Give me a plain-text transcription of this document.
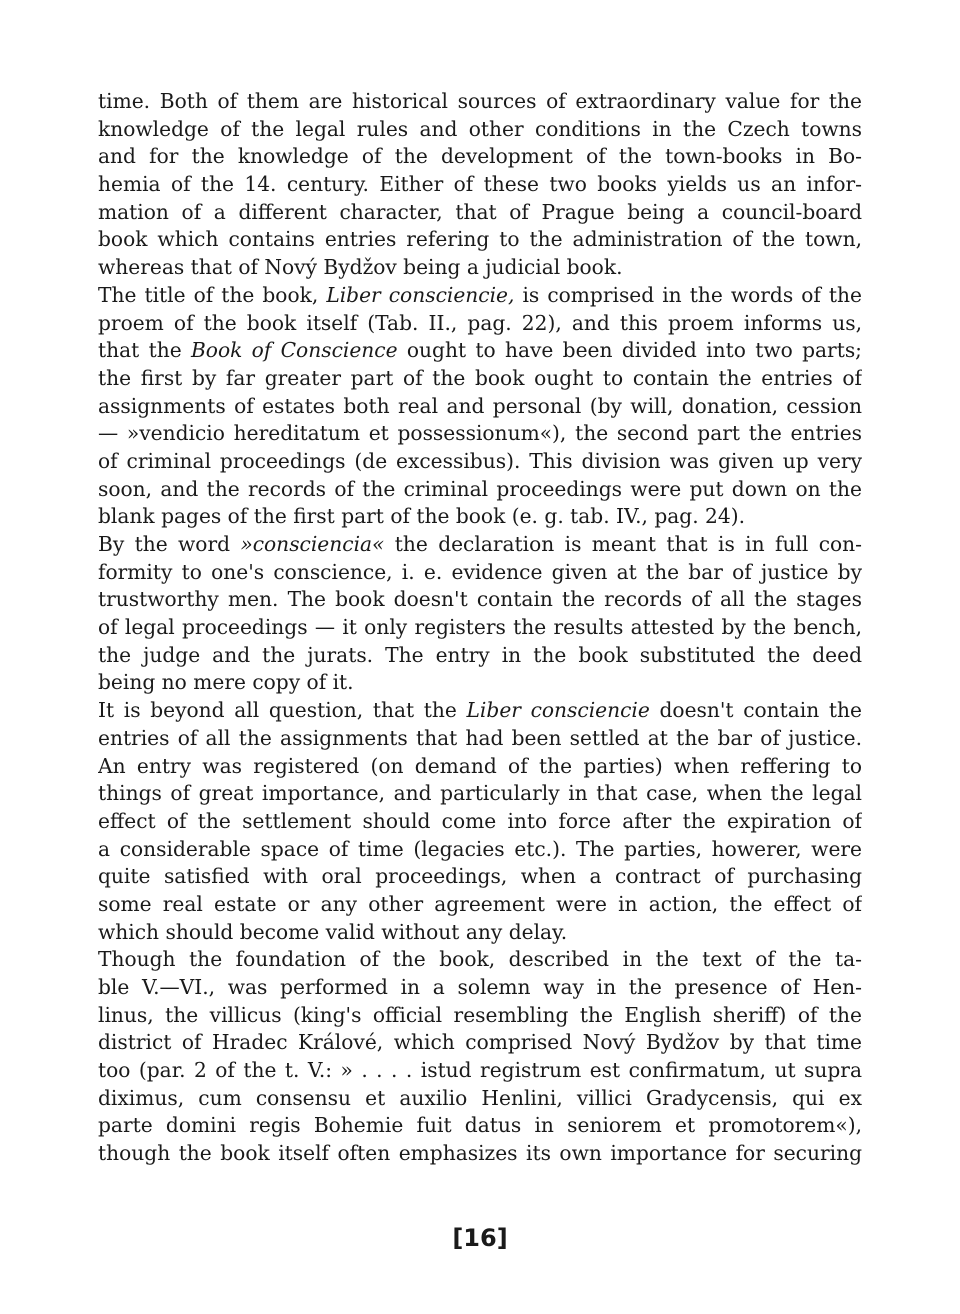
time. Both of them are historical sources of extraordinary value for the
knowledge of the legal rules and other conditions in the Czech towns
and for the knowledge of the development of the town-books in Bo-
hemia of the 14. century. Either of these two books yields us an infor-
mation of a different character, that of Prague being a council-board
book which contains entries refering to the administration of the town,
whereas that of Nový Bydžov being a judicial book.
The title of the book, Liber consciencie, is comprised in the words of the
proem of the book itself (Tab. II., pag. 22), and this proem informs us,
that the Book of Conscience ought to have been divided into two parts;
the first by far greater part of the book ought to contain the entries of
assignments of estates both real and personal (by will, donation, cession
— »vendicio hereditatum et possessionum«), the second part the entries
of criminal proceedings (de excessibus). This division was given up very
soon, and the records of the criminal proceedings were put down on the
blank pages of the first part of the book (e. g. tab. IV., pag. 24).
By the word »consciencia« the declaration is meant that is in full con-
formity to one's conscience, i. e. evidence given at the bar of justice by
trustworthy men. The book doesn't contain the records of all the stages
of legal proceedings — it only registers the results attested by the bench,
the judge and the jurats. The entry in the book substituted the deed
being no mere copy of it.
It is beyond all question, that the Liber consciencie doesn't contain the
entries of all the assignments that had been settled at the bar of justice.
An entry was registered (on demand of the parties) when reffering to
things of great importance, and particularly in that case, when the legal
effect of the settlement should come into force after the expiration of
a considerable space of time (legacies etc.). The parties, howerer, were
quite satisfied with oral proceedings, when a contract of purchasing
some real estate or any other agreement were in action, the effect of
which should become valid without any delay.
Though the foundation of the book, described in the text of the ta-
ble V.—VI., was performed in a solemn way in the presence of Hen-
linus, the villicus (king's official resembling the English sheriff) of the
district of Hradec Králové, which comprised Nový Bydžov by that time
too (par. 2 of the t. V.: » . . . . istud registrum est confirmatum, ut supra
diximus, cum consensu et auxilio Henlini, villici Gradycensis, qui ex
parte domini regis Bohemie fuit datus in seniorem et promotorem«),
though the book itself often emphasizes its own importance for securing
[16]
